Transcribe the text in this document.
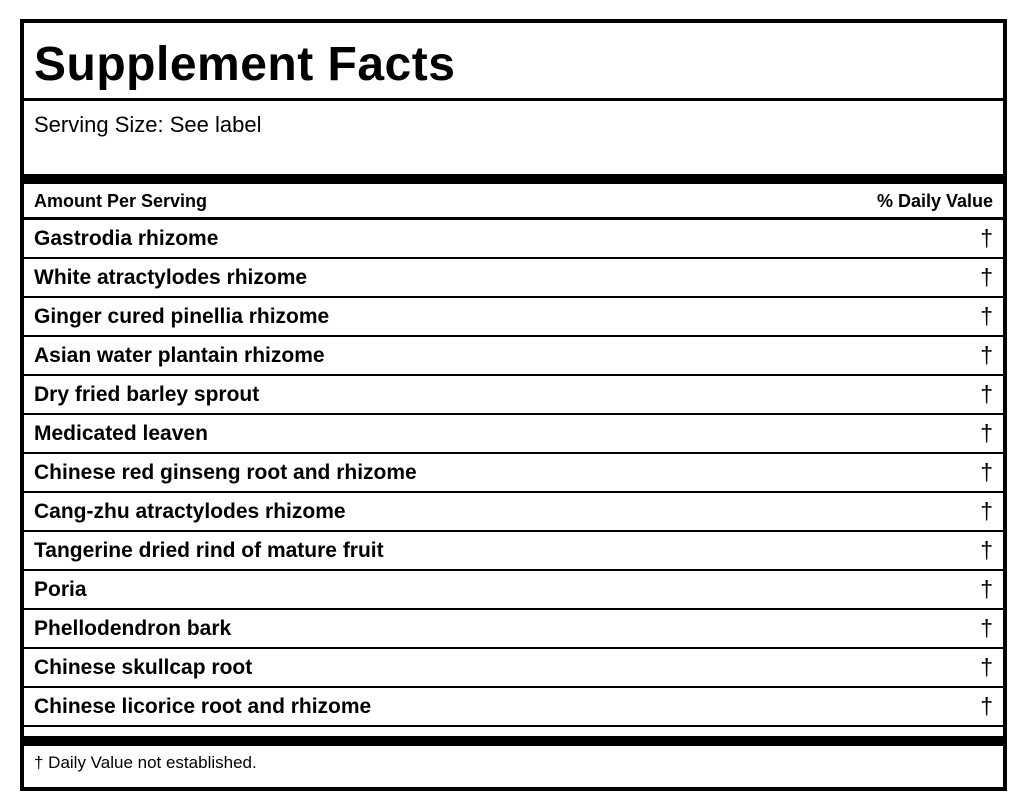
Supplement Facts
Serving Size: See label
Amount Per Serving	% Daily Value
Gastrodia rhizome	†
White atractylodes rhizome	†
Ginger cured pinellia rhizome	†
Asian water plantain rhizome	†
Dry fried barley sprout	†
Medicated leaven	†
Chinese red ginseng root and rhizome	†
Cang-zhu atractylodes rhizome	†
Tangerine dried rind of mature fruit	†
Poria	†
Phellodendron bark	†
Chinese skullcap root	†
Chinese licorice root and rhizome	†
† Daily Value not established.
